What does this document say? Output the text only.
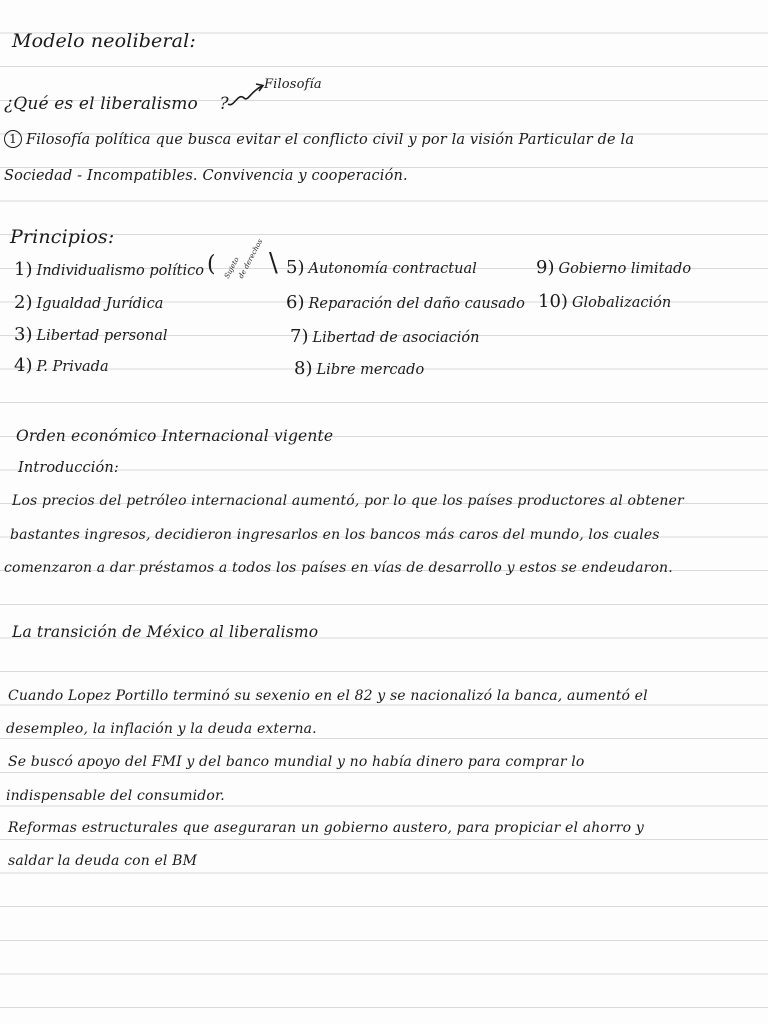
Modelo neoliberal:
¿Qué es el liberalismo ?
Filosofía
1 Filosofía política que busca evitar el conflicto civil y por la visión Particular de la
Sociedad - Incompatibles. Convivencia y cooperación.
Principios:
1) Individualismo político
2) Igualdad Jurídica
3) Libertad personal
4) P. Privada
( Sujeto
de derechos \ 5) Autonomía contractual
6) Reparación del daño causado
7) Libertad de asociación
8) Libre mercado
9) Gobierno limitado
10) Globalización
Orden económico Internacional vigente
Introducción:
Los precios del petróleo internacional aumentó, por lo que los países productores al obtener
bastantes ingresos, decidieron ingresarlos en los bancos más caros del mundo, los cuales
comenzaron a dar préstamos a todos los países en vías de desarrollo y estos se endeudaron.
La transición de México al liberalismo
Cuando Lopez Portillo terminó su sexenio en el 82 y se nacionalizó la banca, aumentó el
desempleo, la inflación y la deuda externa.
Se buscó apoyo del FMI y del banco mundial y no había dinero para comprar lo
indispensable del consumidor.
Reformas estructurales que aseguraran un gobierno austero, para propiciar el ahorro y
saldar la deuda con el BM
